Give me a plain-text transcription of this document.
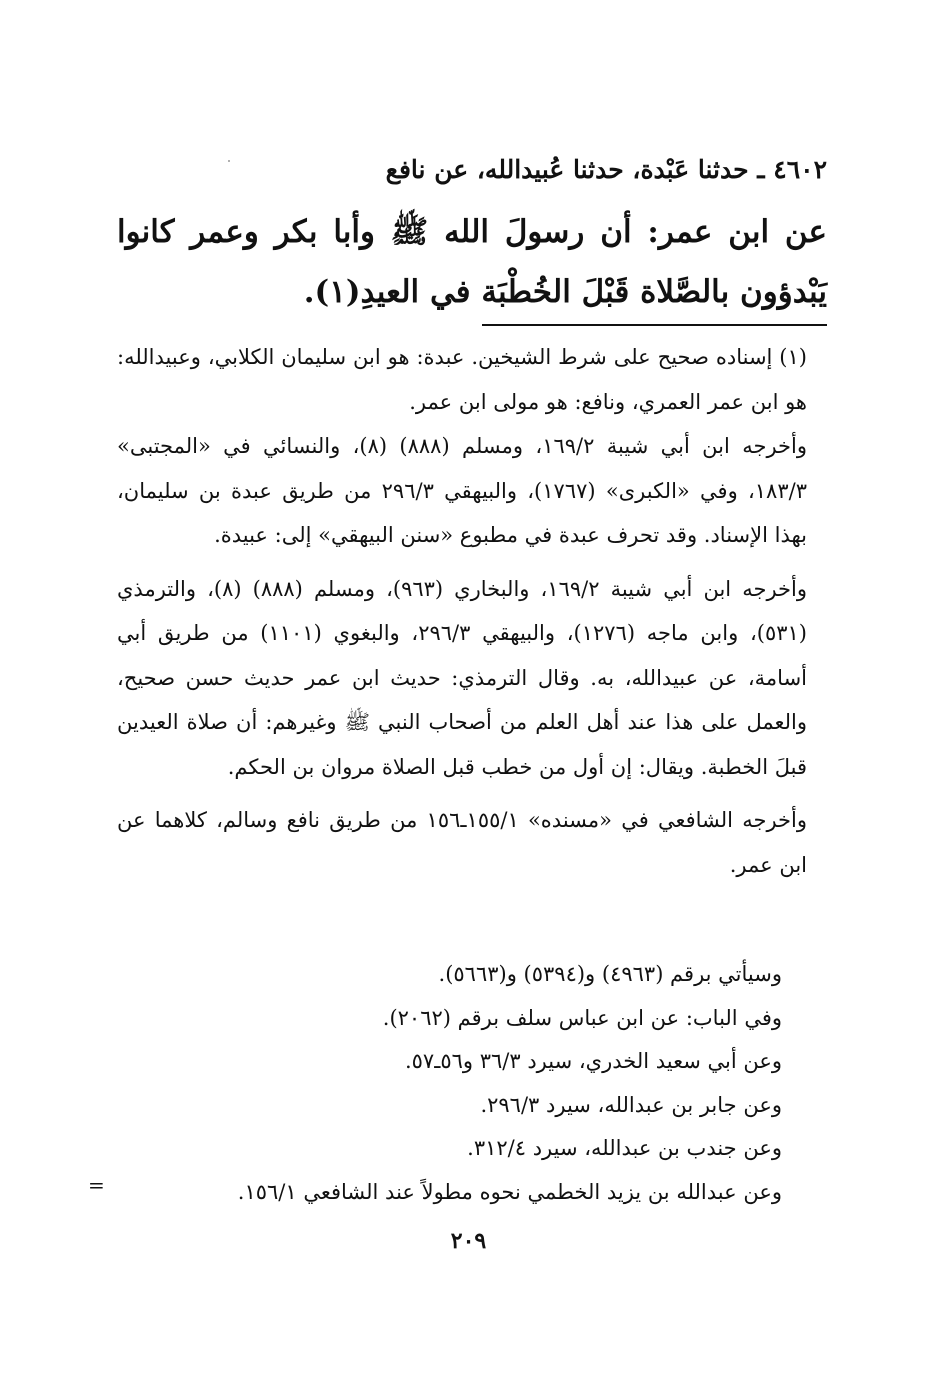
٤٦٠٢ ـ حدثنا عَبْدة، حدثنا عُبيدالله، عن نافع
عن ابن عمر: أن رسولَ الله ﷺ وأبا بكر وعمر كانوا يَبْدؤون بالصَّلاة قَبْلَ الخُطْبَة في العيدِ(١).

(١) إسناده صحيح على شرط الشيخين. عبدة: هو ابن سليمان الكلابي، وعبيدالله: هو ابن عمر العمري، ونافع: هو مولى ابن عمر.

وأخرجه ابن أبي شيبة ١٦٩/٢، ومسلم (٨٨٨) (٨)، والنسائي في «المجتبى» ١٨٣/٣، وفي «الكبرى» (١٧٦٧)، والبيهقي ٢٩٦/٣ من طريق عبدة بن سليمان، بهذا الإسناد. وقد تحرف عبدة في مطبوع «سنن البيهقي» إلى: عبيدة.

وأخرجه ابن أبي شيبة ١٦٩/٢، والبخاري (٩٦٣)، ومسلم (٨٨٨) (٨)، والترمذي (٥٣١)، وابن ماجه (١٢٧٦)، والبيهقي ٢٩٦/٣، والبغوي (١١٠١) من طريق أبي أسامة، عن عبيدالله، به. وقال الترمذي: حديث ابن عمر حديث حسن صحيح، والعمل على هذا عند أهل العلم من أصحاب النبي ﷺ وغيرهم: أن صلاة العيدين قبلَ الخطبة. ويقال: إن أول من خطب قبل الصلاة مروان بن الحكم.

وأخرجه الشافعي في «مسنده» ١٥٥/١ـ١٥٦ من طريق نافع وسالم، كلاهما عن ابن عمر.

وسيأتي برقم (٤٩٦٣) و(٥٣٩٤) و(٥٦٦٣).
وفي الباب: عن ابن عباس سلف برقم (٢٠٦٢).
وعن أبي سعيد الخدري، سيرد ٣٦/٣ و٥٦ـ٥٧.
وعن جابر بن عبدالله، سيرد ٢٩٦/٣.
وعن جندب بن عبدالله، سيرد ٣١٢/٤.
وعن عبدالله بن يزيد الخطمي نحوه مطولاً عند الشافعي ١٥٦/١.
=
٢٠٩
